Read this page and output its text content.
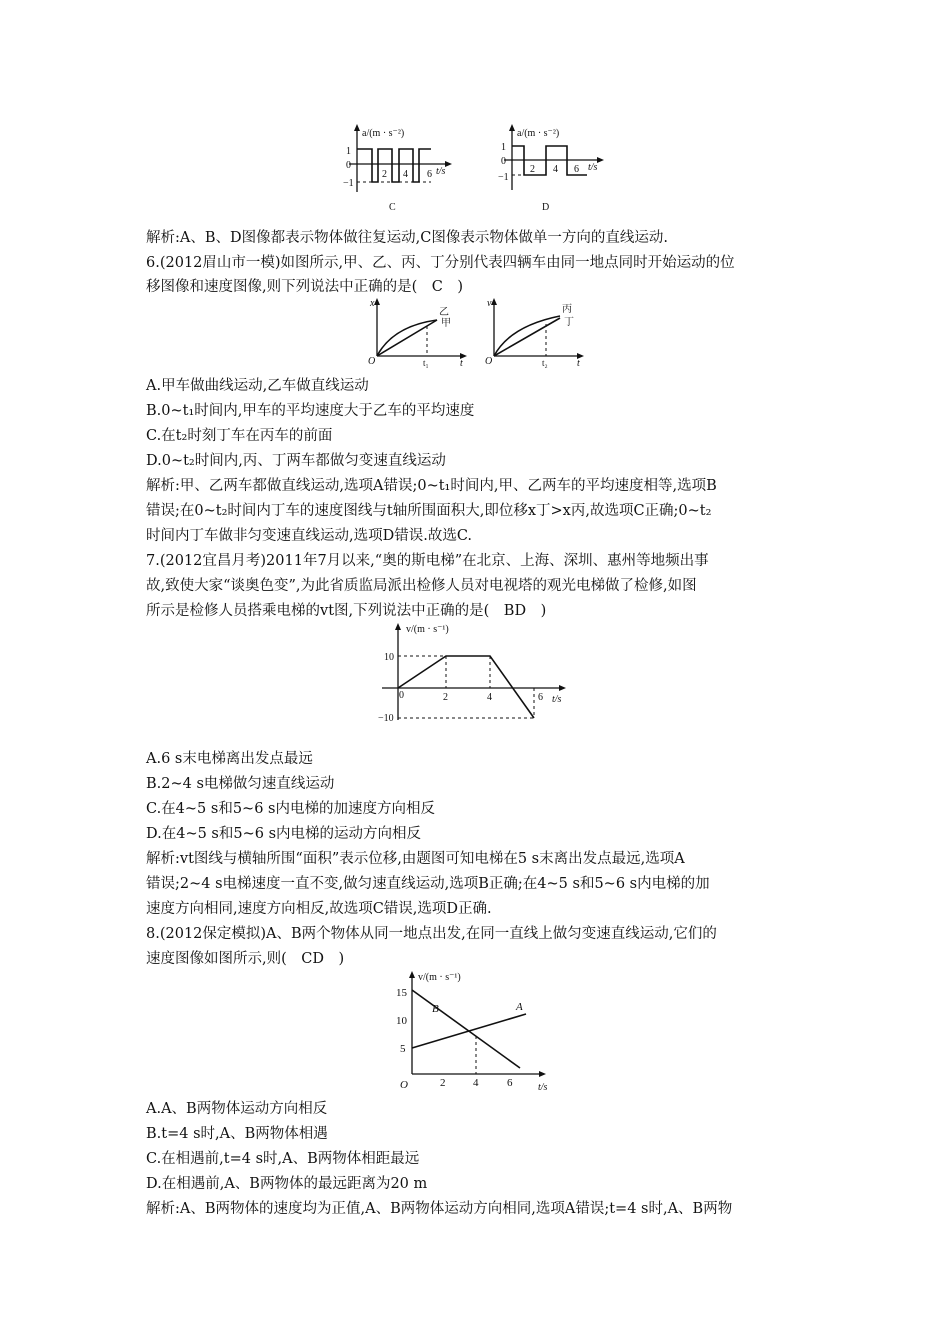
a/(m · s⁻²)
1
0
−1
2 4 6 t/s
C
a/(m · s⁻²)
1
0
−1
2 4 6 t/s
D
解析:A、B、D图像都表示物体做往复运动,C图像表示物体做单一方向的直线运动.
6.(2012眉山市一模)如图所示,甲、乙、丙、丁分别代表四辆车由同一地点同时开始运动的位
移图像和速度图像,则下列说法中正确的是(　C　)
x
O	t
t₁
乙
甲
v
O	t
t₂
丙
丁
A.甲车做曲线运动,乙车做直线运动
B.0~t₁时间内,甲车的平均速度大于乙车的平均速度
C.在t₂时刻丁车在丙车的前面
D.0~t₂时间内,丙、丁两车都做匀变速直线运动
解析:甲、乙两车都做直线运动,选项A错误;0~t₁时间内,甲、乙两车的平均速度相等,选项B
错误;在0~t₂时间内丁车的速度图线与t轴所围面积大,即位移x丁>x丙,故选项C正确;0~t₂
时间内丁车做非匀变速直线运动,选项D错误.故选C.
7.(2012宜昌月考)2011年7月以来,“奥的斯电梯”在北京、上海、深圳、惠州等地频出事
故,致使大家“谈奥色变”,为此省质监局派出检修人员对电视塔的观光电梯做了检修,如图
所示是检修人员搭乘电梯的vt图,下列说法中正确的是(　BD　)
v/(m · s⁻¹)
10
−10
0	2	4	6 t/s
A.6 s末电梯离出发点最远
B.2~4 s电梯做匀速直线运动
C.在4~5 s和5~6 s内电梯的加速度方向相反
D.在4~5 s和5~6 s内电梯的运动方向相反
解析:vt图线与横轴所围“面积”表示位移,由题图可知电梯在5 s末离出发点最远,选项A
错误;2~4 s电梯速度一直不变,做匀速直线运动,选项B正确;在4~5 s和5~6 s内电梯的加
速度方向相同,速度方向相反,故选项C错误,选项D正确.
8.(2012保定模拟)A、B两个物体从同一地点出发,在同一直线上做匀变速直线运动,它们的
速度图像如图所示,则(　CD　)
v/(m · s⁻¹)
15
10
5
O	2	4	6	t/s
A
B
A.A、B两物体运动方向相反
B.t=4 s时,A、B两物体相遇
C.在相遇前,t=4 s时,A、B两物体相距最远
D.在相遇前,A、B两物体的最远距离为20 m
解析:A、B两物体的速度均为正值,A、B两物体运动方向相同,选项A错误;t=4 s时,A、B两物
